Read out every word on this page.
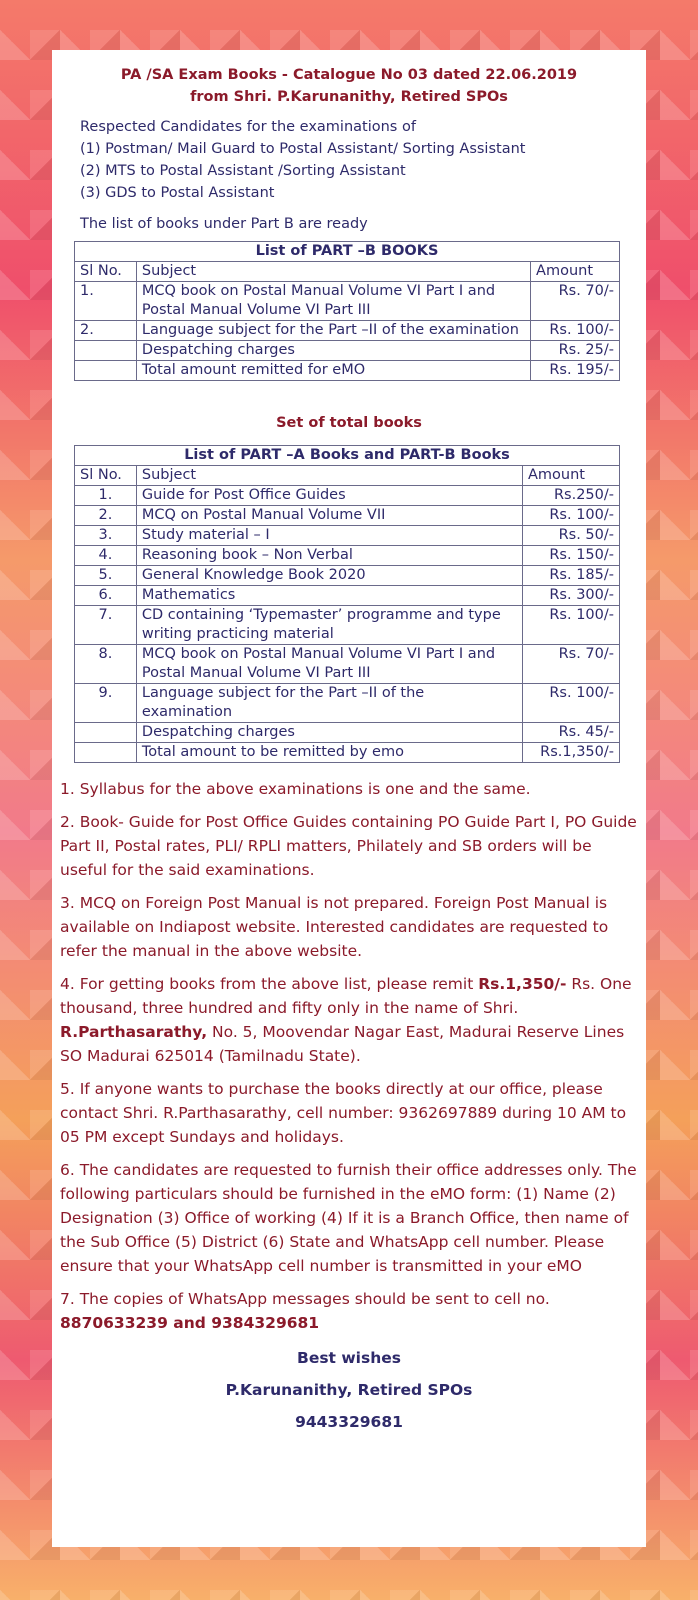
PA /SA Exam Books - Catalogue No 03 dated 22.06.2019
from Shri. P.Karunanithy, Retired SPOs
Respected Candidates for the examinations of
(1) Postman/ Mail Guard to Postal Assistant/ Sorting Assistant
(2) MTS to Postal Assistant /Sorting Assistant
(3) GDS to Postal Assistant
The list of books under Part B are ready
List of PART –B BOOKS		
Sl No.	Subject	Amount
1.	MCQ book on Postal Manual Volume VI Part I and Postal Manual Volume VI Part III	Rs. 70/-
2.	Language subject for the Part –II of the examination	Rs. 100/-
	Despatching charges	Rs. 25/-
	Total amount remitted for eMO	Rs. 195/-
Set of total books
List of PART –A Books and PART-B Books		
Sl No.	Subject	Amount
1.	Guide for Post Office Guides	Rs.250/-
2.	MCQ on Postal Manual Volume VII	Rs. 100/-
3.	Study material – I	Rs. 50/-
4.	Reasoning book – Non Verbal	Rs. 150/-
5.	General Knowledge Book 2020	Rs. 185/-
6.	Mathematics	Rs. 300/-
7.	CD containing ‘Typemaster’ programme and type writing practicing material	Rs. 100/-
8.	MCQ book on Postal Manual Volume VI Part I and Postal Manual Volume VI Part III	Rs. 70/-
9.	Language subject for the Part –II of the examination	Rs. 100/-
	Despatching charges	Rs. 45/-
	Total amount to be remitted by emo	Rs.1,350/-

1. Syllabus for the above examinations is one and the same.

2. Book- Guide for Post Office Guides containing PO Guide Part I, PO Guide Part II, Postal rates, PLI/ RPLI matters, Philately and SB orders will be useful for the said examinations.

3. MCQ on Foreign Post Manual is not prepared. Foreign Post Manual is available on Indiapost website. Interested candidates are requested to refer the manual in the above website.

4. For getting books from the above list, please remit Rs.1,350/- Rs. One thousand, three hundred and fifty only in the name of Shri. R.Parthasarathy, No. 5, Moovendar Nagar East, Madurai Reserve Lines SO Madurai 625014 (Tamilnadu State).

5. If anyone wants to purchase the books directly at our office, please contact Shri. R.Parthasarathy, cell number: 9362697889 during 10 AM to 05 PM except Sundays and holidays.

6. The candidates are requested to furnish their office addresses only. The following particulars should be furnished in the eMO form: (1) Name (2) Designation (3) Office of working (4) If it is a Branch Office, then name of the Sub Office (5) District (6) State and WhatsApp cell number. Please ensure that your WhatsApp cell number is transmitted in your eMO

7. The copies of WhatsApp messages should be sent to cell no.
8870633239 and 9384329681

Best wishes
P.Karunanithy, Retired SPOs
9443329681
